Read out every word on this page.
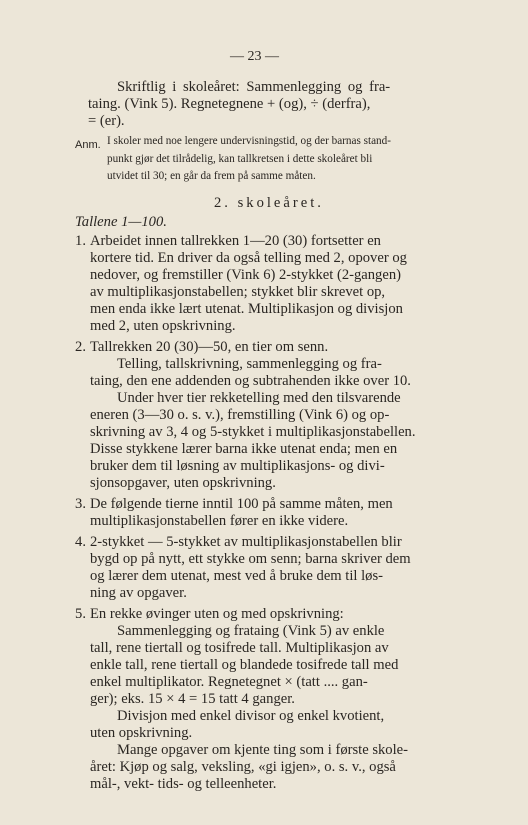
— 23 —
Skriftlig i skoleåret: Sammenlegging og fra-
taing. (Vink 5). Regnetegnene + (og), ÷ (derfra),
= (er).
Anm. I skoler med noe lengere undervisningstid, og der barnas stand-
punkt gjør det tilrådelig, kan tallkretsen i dette skoleåret bli
utvidet til 30; en går da frem på samme måten.
2. skoleåret.
Tallene 1—100.
1. Arbeidet innen tallrekken 1—20 (30) fortsetter en
kortere tid. En driver da også telling med 2, opover og
nedover, og fremstiller (Vink 6) 2-stykket (2-gangen)
av multiplikasjonstabellen; stykket blir skrevet op,
men enda ikke lært utenat. Multiplikasjon og divisjon
med 2, uten opskrivning.
2. Tallrekken 20 (30)—50, en tier om senn.
Telling, tallskrivning, sammenlegging og fra-
taing, den ene addenden og subtrahenden ikke over 10.
Under hver tier rekketelling med den tilsvarende
eneren (3—30 o. s. v.), fremstilling (Vink 6) og op-
skrivning av 3, 4 og 5-stykket i multiplikasjonstabellen.
Disse stykkene lærer barna ikke utenat enda; men en
bruker dem til løsning av multiplikasjons- og divi-
sjonsopgaver, uten opskrivning.
3. De følgende tierne inntil 100 på samme måten, men
multiplikasjonstabellen fører en ikke videre.
4. 2-stykket — 5-stykket av multiplikasjonstabellen blir
bygd op på nytt, ett stykke om senn; barna skriver dem
og lærer dem utenat, mest ved å bruke dem til løs-
ning av opgaver.
5. En rekke øvinger uten og med opskrivning:
Sammenlegging og frataing (Vink 5) av enkle
tall, rene tiertall og tosifrede tall. Multiplikasjon av
enkle tall, rene tiertall og blandede tosifrede tall med
enkel multiplikator. Regnetegnet × (tatt .... gan-
ger); eks. 15 × 4 = 15 tatt 4 ganger.
Divisjon med enkel divisor og enkel kvotient,
uten opskrivning.
Mange opgaver om kjente ting som i første skole-
året: Kjøp og salg, veksling, «gi igjen», o. s. v., også
mål-, vekt- tids- og telleenheter.
